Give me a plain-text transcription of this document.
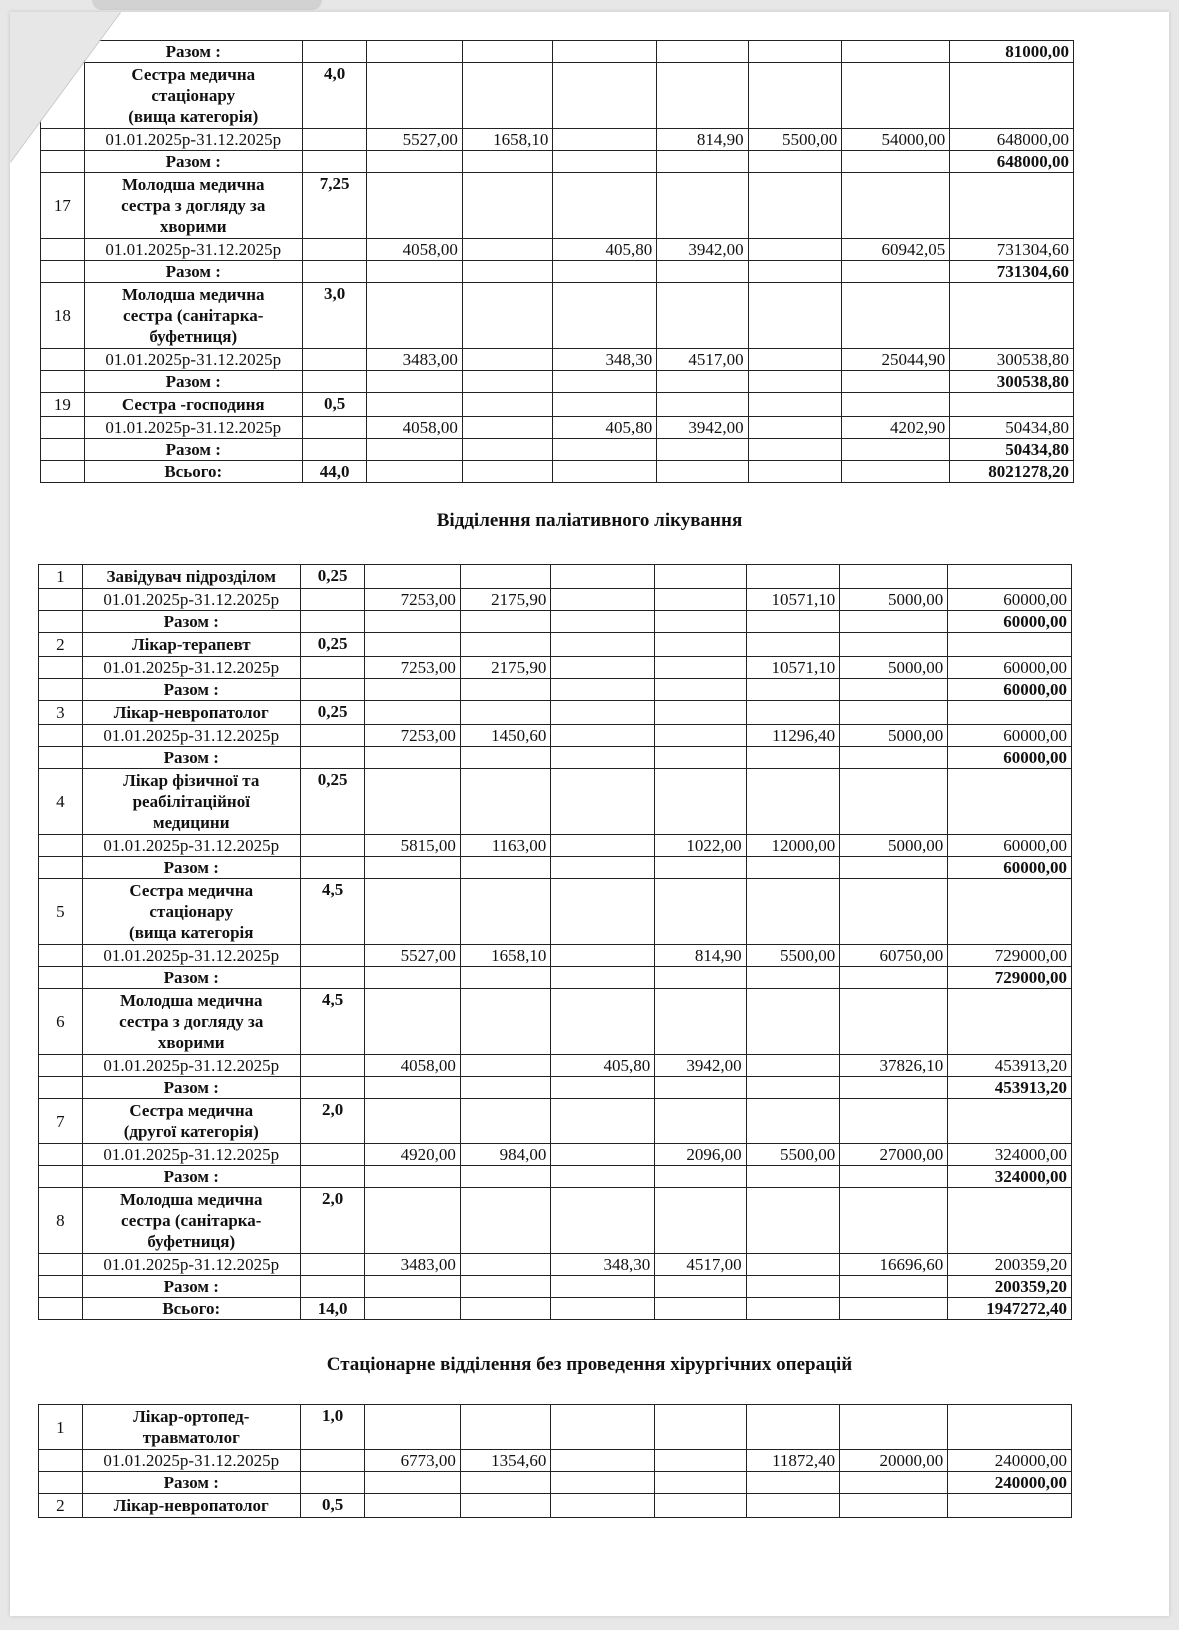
	Разом :								81000,00

	Сестра медична
стаціонару
(вища категорія)	4,0							
	01.01.2025р-31.12.2025р		5527,00	1658,10		814,90	5500,00	54000,00	648000,00
	Разом :								648000,00
17	Молодша медична
сестра з догляду за
хворими	7,25							
	01.01.2025р-31.12.2025р		4058,00		405,80	3942,00		60942,05	731304,60
	Разом :								731304,60
18	Молодша медична
сестра (санітарка-
буфетниця)	3,0							
	01.01.2025р-31.12.2025р		3483,00		348,30	4517,00		25044,90	300538,80
	Разом :								300538,80
19	Сестра -господиня	0,5							
	01.01.2025р-31.12.2025р		4058,00		405,80	3942,00		4202,90	50434,80
	Разом :								50434,80
	Всього:	44,0							8021278,20
Відділення паліативного лікування
1	Завідувач підрозділом	0,25							
	01.01.2025р-31.12.2025р		7253,00	2175,90			10571,10	5000,00	60000,00
	Разом :								60000,00
2	Лікар-терапевт	0,25							
	01.01.2025р-31.12.2025р		7253,00	2175,90			10571,10	5000,00	60000,00
	Разом :								60000,00
3	Лікар-невропатолог	0,25							
	01.01.2025р-31.12.2025р		7253,00	1450,60			11296,40	5000,00	60000,00
	Разом :								60000,00
4	Лікар фізичної та
реабілітаційної
медицини	0,25							
	01.01.2025р-31.12.2025р		5815,00	1163,00		1022,00	12000,00	5000,00	60000,00
	Разом :								60000,00
5	Сестра медична
стаціонару
(вища категорія	4,5							
	01.01.2025р-31.12.2025р		5527,00	1658,10		814,90	5500,00	60750,00	729000,00
	Разом :								729000,00
6	Молодша медична
сестра з догляду за
хворими	4,5							
	01.01.2025р-31.12.2025р		4058,00		405,80	3942,00		37826,10	453913,20
	Разом :								453913,20
7	Сестра медична
(другої категорія)	2,0							
	01.01.2025р-31.12.2025р		4920,00	984,00		2096,00	5500,00	27000,00	324000,00
	Разом :								324000,00
8	Молодша медична
сестра (санітарка-
буфетниця)	2,0							
	01.01.2025р-31.12.2025р		3483,00		348,30	4517,00		16696,60	200359,20
	Разом :								200359,20
	Всього:	14,0							1947272,40
Стаціонарне відділення без проведення хірургічних операцій
1	Лікар-ортопед-
травматолог	1,0							
	01.01.2025р-31.12.2025р		6773,00	1354,60			11872,40	20000,00	240000,00
	Разом :								240000,00
2	Лікар-невропатолог	0,5							
